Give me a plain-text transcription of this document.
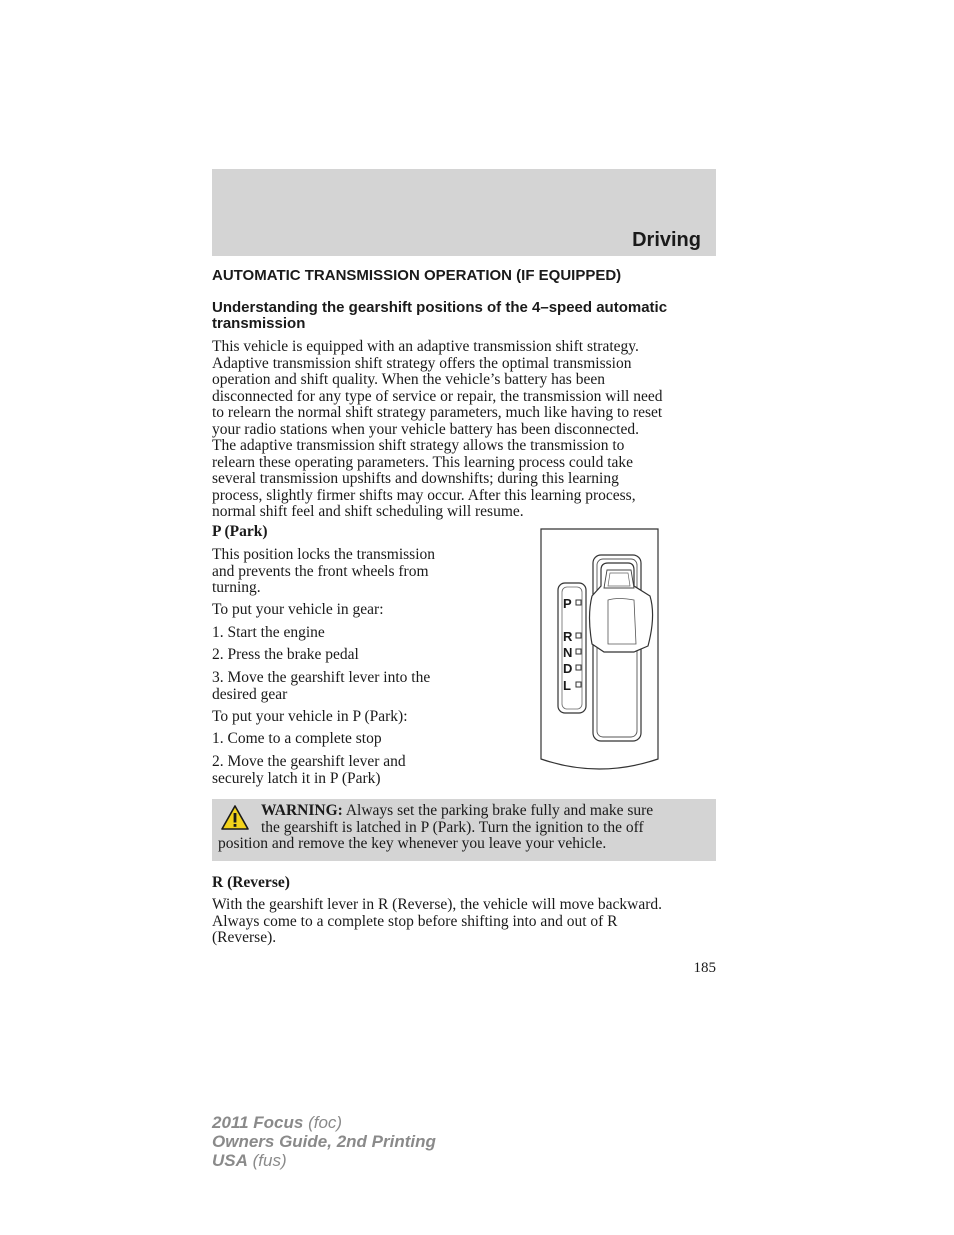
Driving
AUTOMATIC TRANSMISSION OPERATION (IF EQUIPPED)
Understanding the gearshift positions of the 4–speed automatic transmission
This vehicle is equipped with an adaptive transmission shift strategy.
Adaptive transmission shift strategy offers the optimal transmission
operation and shift quality. When the vehicle’s battery has been
disconnected for any type of service or repair, the transmission will need
to relearn the normal shift strategy parameters, much like having to reset
your radio stations when your vehicle battery has been disconnected.
The adaptive transmission shift strategy allows the transmission to
relearn these operating parameters. This learning process could take
several transmission upshifts and downshifts; during this learning
process, slightly firmer shifts may occur. After this learning process,
normal shift feel and shift scheduling will resume.
P (Park)
This position locks the transmission
and prevents the front wheels from
turning.
To put your vehicle in gear:
1. Start the engine
2. Press the brake pedal
3. Move the gearshift lever into the
desired gear
To put your vehicle in P (Park):
1. Come to a complete stop
2. Move the gearshift lever and
securely latch it in P (Park)
P
R
N
D
L
WARNING: Always set the parking brake fully and make sure
the gearshift is latched in P (Park). Turn the ignition to the off
position and remove the key whenever you leave your vehicle.
R (Reverse)
With the gearshift lever in R (Reverse), the vehicle will move backward.
Always come to a complete stop before shifting into and out of R
(Reverse).
185
2011 Focus (foc)
Owners Guide, 2nd Printing
USA (fus)
